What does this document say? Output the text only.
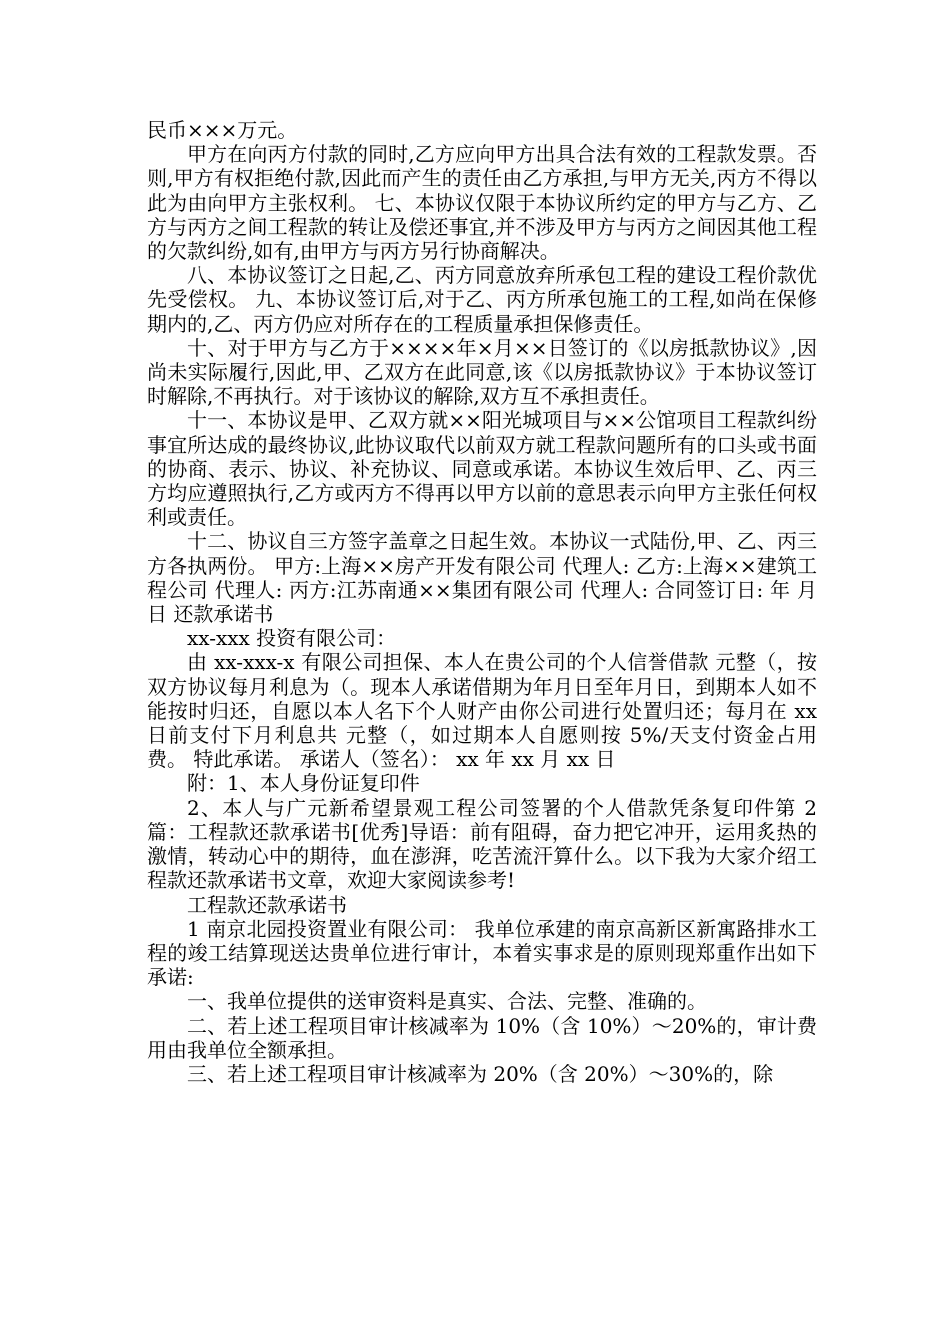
民币×××万元。

甲方在向丙方付款的同时,乙方应向甲方出具合法有效的工程款发票。否则,甲方有权拒绝付款,因此而产生的责任由乙方承担,与甲方无关,丙方不得以此为由向甲方主张权利。 七、本协议仅限于本协议所约定的甲方与乙方、乙方与丙方之间工程款的转让及偿还事宜,并不涉及甲方与丙方之间因其他工程的欠款纠纷,如有,由甲方与丙方另行协商解决。

八、本协议签订之日起,乙、丙方同意放弃所承包工程的建设工程价款优先受偿权。 九、本协议签订后,对于乙、丙方所承包施工的工程,如尚在保修期内的,乙、丙方仍应对所存在的工程质量承担保修责任。

十、对于甲方与乙方于××××年×月××日签订的《以房抵款协议》,因尚未实际履行,因此,甲、乙双方在此同意,该《以房抵款协议》于本协议签订时解除,不再执行。对于该协议的解除,双方互不承担责任。

十一、本协议是甲、乙双方就××阳光城项目与××公馆项目工程款纠纷事宜所达成的最终协议,此协议取代以前双方就工程款问题所有的口头或书面的协商、表示、协议、补充协议、同意或承诺。本协议生效后甲、乙、丙三方均应遵照执行,乙方或丙方不得再以甲方以前的意思表示向甲方主张任何权利或责任。

十二、协议自三方签字盖章之日起生效。本协议一式陆份,甲、乙、丙三方各执两份。 甲方:上海××房产开发有限公司 代理人: 乙方:上海××建筑工程公司 代理人: 丙方:江苏南通××集团有限公司 代理人: 合同签订日: 年 月 日 还款承诺书

xx-xxx 投资有限公司：

由 xx-xxx-x 有限公司担保、本人在贵公司的个人信誉借款 元整（，按双方协议每月利息为（。现本人承诺借期为年月日至年月日，到期本人如不能按时归还，自愿以本人名下个人财产由你公司进行处置归还；每月在 xx 日前支付下月利息共 元整（，如过期本人自愿则按 5%/天支付资金占用费。 特此承诺。 承诺人（签名）： xx 年 xx 月 xx 日

附：1、本人身份证复印件

2、本人与广元新希望景观工程公司签署的个人借款凭条复印件第 2 篇：工程款还款承诺书[优秀]导语：前有阻碍，奋力把它冲开，运用炙热的激情，转动心中的期待，血在澎湃，吃苦流汗算什么。以下我为大家介绍工程款还款承诺书文章，欢迎大家阅读参考!

工程款还款承诺书

1 南京北园投资置业有限公司： 我单位承建的南京高新区新寓路排水工程的竣工结算现送达贵单位进行审计，本着实事求是的原则现郑重作出如下承诺:

一、我单位提供的送审资料是真实、合法、完整、准确的。

二、若上述工程项目审计核减率为 10%（含 10%）～20%的，审计费用由我单位全额承担。

三、若上述工程项目审计核减率为 20%（含 20%）～30%的，除
